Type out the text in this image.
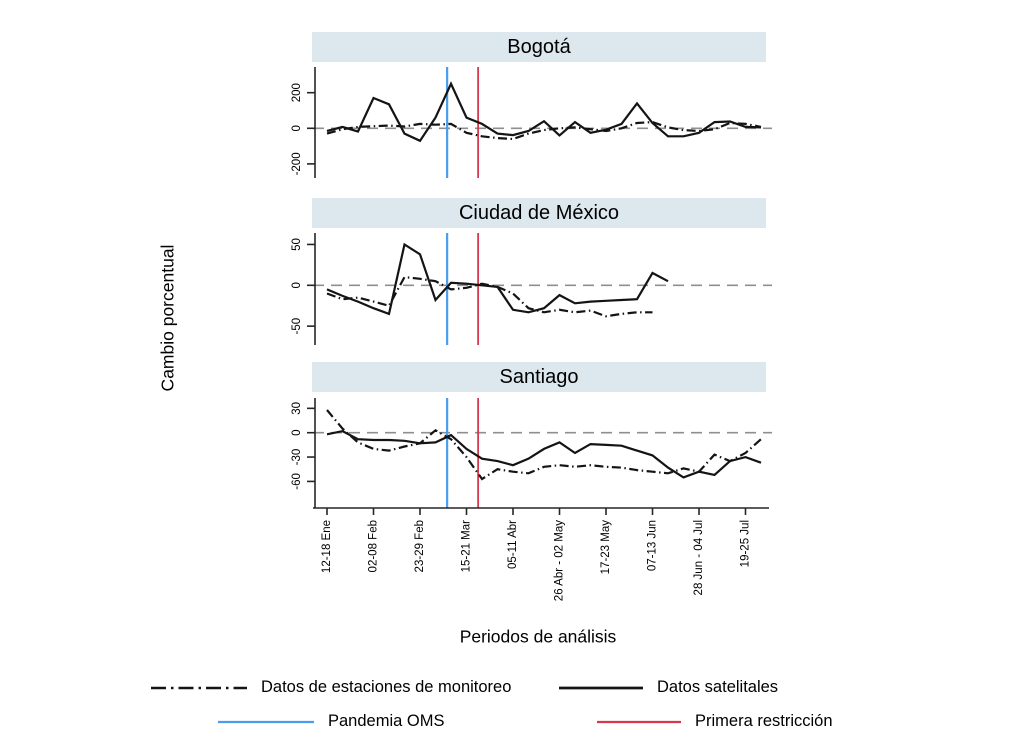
Bogotá
Ciudad de México
Santiago
-200
0
200
-50
0
50
-60
-30
0
30
12-18 Ene	02-08 Feb	23-29 Feb	15-21 Mar	05-11 Abr	26 Abr - 02 May	17-23 May	07-13 Jun	28 Jun - 04 Jul	19-25 Jul
Cambio porcentual
Periodos de análisis
Datos de estaciones de monitoreo	Datos satelitales
Pandemia OMS	Primera restricción
